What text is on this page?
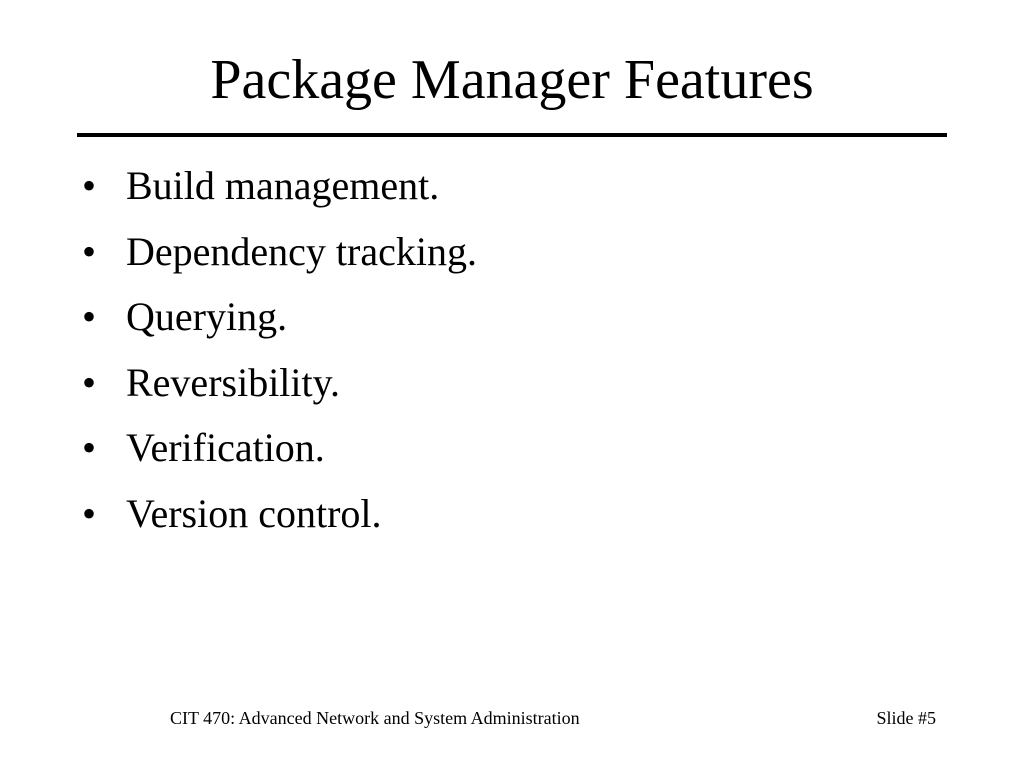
Package Manager Features
• Build management.
• Dependency tracking.
• Querying.
• Reversibility.
• Verification.
• Version control.
CIT 470: Advanced Network and System Administration	Slide #5
